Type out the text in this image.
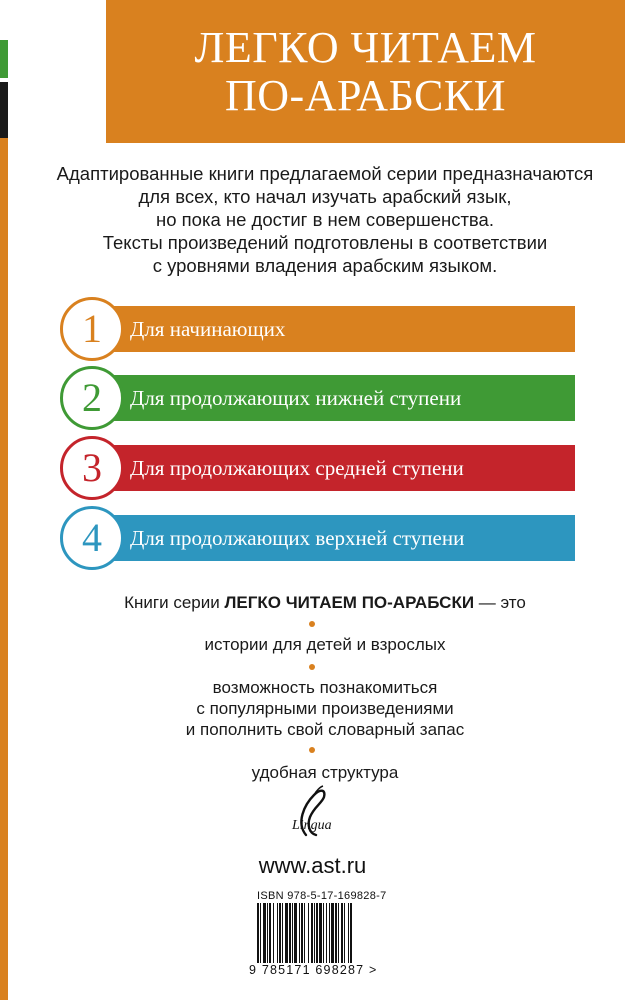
ЛЕГКО ЧИТАЕМ
ПО-АРАБСКИ
Адаптированные книги предлагаемой серии предназначаются
для всех, кто начал изучать арабский язык,
но пока не достиг в нем совершенства.
Тексты произведений подготовлены в соответствии
с уровнями владения арабским языком.
Для начинающих
1
Для продолжающих нижней ступени
2
Для продолжающих средней ступени
3
Для продолжающих верхней ступени
4
Книги серии ЛЕГКО ЧИТАЕМ ПО-АРАБСКИ — это
истории для детей и взрослых
возможность познакомиться
с популярными произведениями
и пополнить свой словарный запас
удобная структура
Lingua
www.ast.ru
ISBN 978-5-17-169828-7
9 785171 698287 >
